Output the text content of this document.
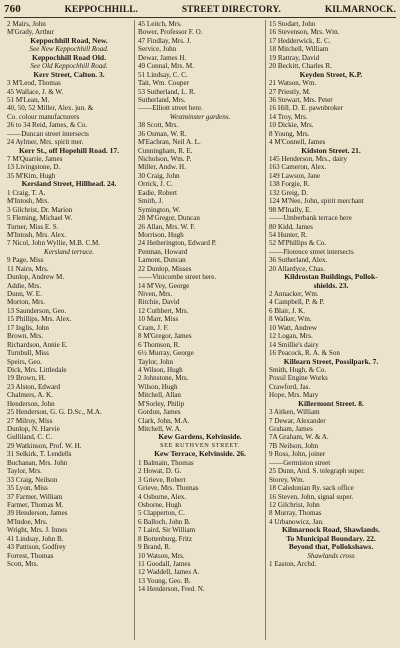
760	KEPPOCHHILL.	STREET DIRECTORY.	KILMARNOCK.
2 Mairs, John
M'Grady, Arthur
Keppochhill Road, New.
See New Keppochhill Road.
Keppochhill Road Old.
See Old Keppochhill Road.
Kerr Street, Calton. 3.
3 M'Leod, Thomas
45 Wallace, J. & W.
51 M'Lean, M.
40, 50, 52 Miller, Alex. jun. &
Co. colour manufacturers
26 to 34 Reid, James, & Co.
——Duncan street intersects
24 Aylmer, Mrs. spirit mer.
Kerr St., off Hopehill Road. 17.
7 M'Quarrie, James
13 Livingstone, D.
35 M'Kim, Hugh
Kersland Street, Hillhead. 24.
1 Craig, T. A.
M'Intosh, Mrs.
3 Gilchrist, Dr. Marion
5 Fleming, Michael W.
Turner, Miss E. S.
M'Intosh, Mrs. Alex.
7 Nicol, John Wyllie, M.B. C.M.
Kersland terrace.
9 Page, Miss
11 Nairn, Mrs.
Dunlop, Andrew M.
Addie, Mrs.
Dunn, W. E.
Morton, Mrs.
13 Saunderson, Geo.
15 Phillips, Mrs. Alex.
17 Inglis, John
Brown, Mrs.
Richardson, Annie E.
Turnbull, Miss
Speirs, Geo.
Dick, Mrs. Littledale
19 Brown, H.
23 Alston, Edward
Chalmers, A. K.
Henderson, John
25 Henderson, G. G. D.Sc., M.A.
27 Milroy, Miss
Dunlop, N. Harvie
Gulliland, C. C.
29 Watkinson, Prof. W. H.
31 Selkirk, T. Lendells
Buchanan, Mrs. John
Taylor, Mrs.
33 Craig, Neilson
35 Lyon, Miss
37 Farmer, William
Farmer, Thomas M.
39 Henderson, James
M'Indoe, Mrs.
Wright, Mrs. J. Innes
41 Lindsay, John B.
43 Pattison, Godfrey
Forrest, Thomas
Scott, Mrs.
45 Leitch, Mrs.
Bower, Professor F. O.
47 Findlay, Mrs. J.
Service, John
Dewar, James H.
49 Connal, Mrs. M.
51 Lindsay, C. C.
Tait, Wm. Couper
53 Sutherland, L. R.
Sutherland, Mrs.
——Elliott street here.
Westminster gardens.
38 Scott, Mrs.
36 Osman, W. R.
M'Eachran, Neil A. L.
Cunningham, R. E.
Nicholson, Wm. P.
Miller, Andw. H.
30 Craig, John
Orrick, J. C.
Eadie, Robert
Smith, J.
Symington, W.
28 M'Gregor, Duncan
26 Allan, Mrs. W. F.
Morrison, Hugh
24 Hetherington, Edward P.
Penman, Howard
Lamont, Duncan
22 Dunlop, Misses
——Vinicombe street here.
14 M'Vey, George
Niven, Mrs.
Ritchie, David
12 Cuthbert, Mrs.
10 Marr, Miss
Cram, J. F.
8 M'Gregor, James
6 Thomson, R.
6½ Murray, George
Taylor, John
4 Wilson, Hugh
2 Johnstone, Mrs.
Wilson, Hugh
Mitchell, Allan
M'Sorley, Philip
Gordon, James
Clark, John, M.A.
Mitchell, W. A.
Kew Gardens, Kelvinside.
SEE RUTHVEN STREET.
Kew Terrace, Kelvinside. 26.
1 Balmain, Thomas
2 Howat, D. G.
3 Grieve, Robert
Grieve, Mrs. Thomas
4 Osborne, Alex.
Osborne, Hugh
5 Clapperton, C.
6 Balloch, John B.
7 Laird, Sir William
8 Bottenburg, Fritz
9 Brand, R.
10 Watson, Mrs.
11 Goodall, James
12 Waddell, James A.
13 Young, Geo. B.
14 Henderson, Fred. N.
15 Stodart, John
16 Stevenson, Mrs. Wm.
17 Hedderwick, E. C.
18 Mitchell, William
19 Rattray, David
20 Beckitt, Charles R.
Keyden Street, K.P.
21 Watson, Wm.
27 Priestly, M.
36 Stewart, Mrs. Peter
16 Hill, D. E. pawnbroker
14 Troy, Mrs.
10 Dickie, Mrs.
8 Young, Mrs.
4 M'Connell, James
Kidston Street. 21.
145 Henderson, Mrs., dairy
163 Cameron, Alex.
149 Lawson, Jane
138 Forgie, R.
132 Greig, D.
124 M'Nee, John, spirit merchant
98 M'Inally, E.
——Umberbank terrace here
80 Kidd, James
54 Hunter, R.
52 M'Phillips & Co.
——Florence street intersects
36 Sutherland, Alex.
20 Allardyce, Chas.
Kildrostan Buildings, Pollok-
shields. 23.
2 Annacker, Wm.
4 Campbell, P. & P.
6 Blair, J. K.
8 Walker, Wm.
10 Watt, Andrew
12 Logan, Mrs.
14 Smillie's dairy
16 Peacock, R. A. & Son
Killearn Street, Possilpark. 7.
Smith, Hugh, & Co.
Possil Engine Works
Crawford, Jas.
Hope, Mrs. Mary
Killermont Street. 8.
3 Aitken, William
7 Dewar, Alexander
Graham, James
7A Graham, W. & A.
7B Neilson, John
9 Ross, John, joiner
——Germiston street
25 Dunn, And. S. telegraph super.
Storey, Wm.
18 Caledonian Ry. sack office
16 Steven, John, signal super.
12 Gilchrist, John
8 Murray, Thomas
4 Urbanowicz, Jan.
Kilmarnock Road, Shawlands.
To Municipal Boundary. 22.
Beyond that, Pollokshaws.
Shawlands cross
1 Easton, Archd.
